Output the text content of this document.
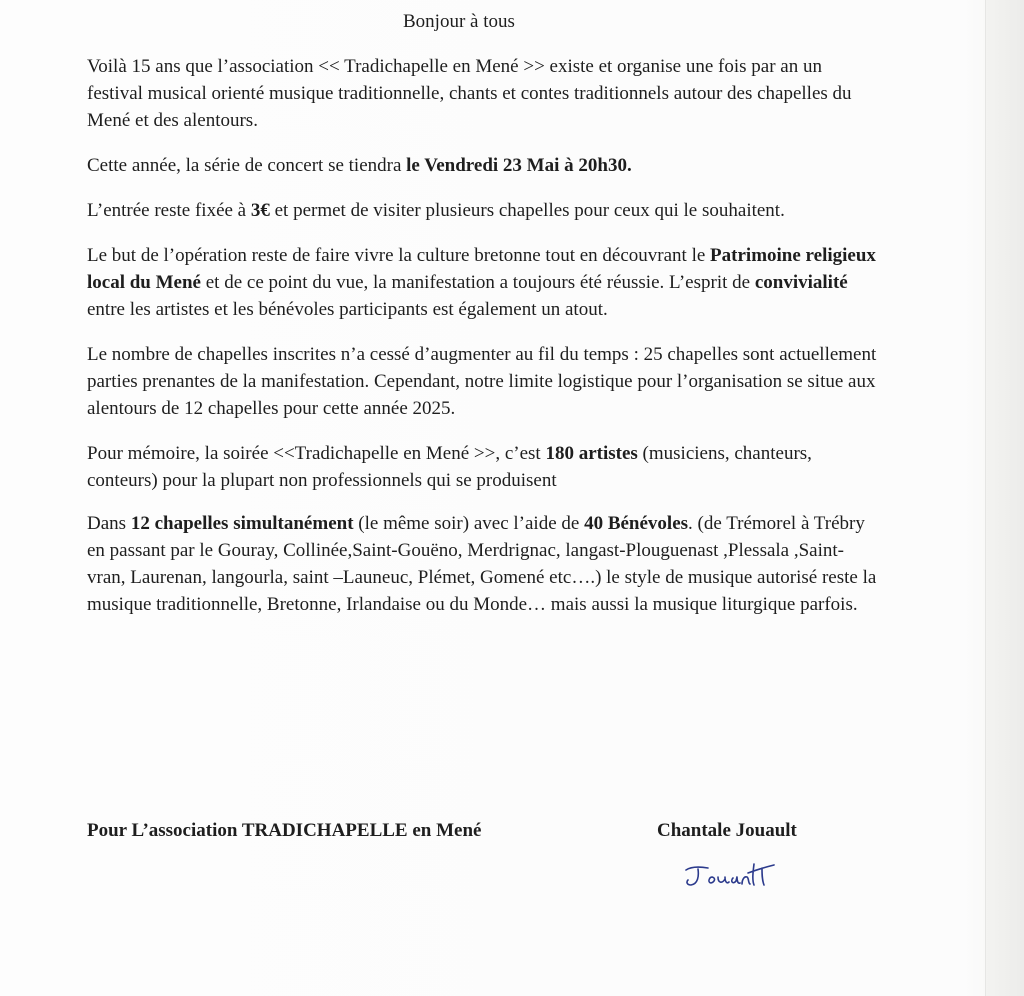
Bonjour à tous

Voilà 15 ans que l’association << Tradichapelle en Mené >> existe et organise une fois par an un festival musical orienté musique traditionnelle, chants et contes traditionnels autour des chapelles du Mené et des alentours.

Cette année, la série de concert se tiendra le Vendredi 23 Mai à 20h30.

L’entrée reste fixée à 3€ et permet de visiter plusieurs chapelles pour ceux qui le souhaitent.

Le but de l’opération reste de faire vivre la culture bretonne tout en découvrant le Patrimoine religieux local du Mené et de ce point du vue, la manifestation a toujours été réussie. L’esprit de convivialité entre les artistes et les bénévoles participants est également un atout.

Le nombre de chapelles inscrites n’a cessé d’augmenter au fil du temps : 25 chapelles sont actuellement parties prenantes de la manifestation. Cependant, notre limite logistique pour l’organisation se situe aux alentours de 12 chapelles pour cette année 2025.

Pour mémoire, la soirée <<Tradichapelle en Mené >>, c’est 180 artistes (musiciens, chanteurs, conteurs) pour la plupart non professionnels qui se produisent

Dans 12 chapelles simultanément (le même soir) avec l’aide de 40 Bénévoles. (de Trémorel à Trébry en passant par le Gouray, Collinée,Saint-Gouëno, Merdrignac, langast-Plouguenast ,Plessala ,Saint-vran, Laurenan, langourla, saint –Launeuc, Plémet, Gomené etc….) le style de musique autorisé reste la musique traditionnelle, Bretonne, Irlandaise ou du Monde… mais aussi la musique liturgique parfois.

Pour L’association TRADICHAPELLE en Mené	Chantale Jouault
